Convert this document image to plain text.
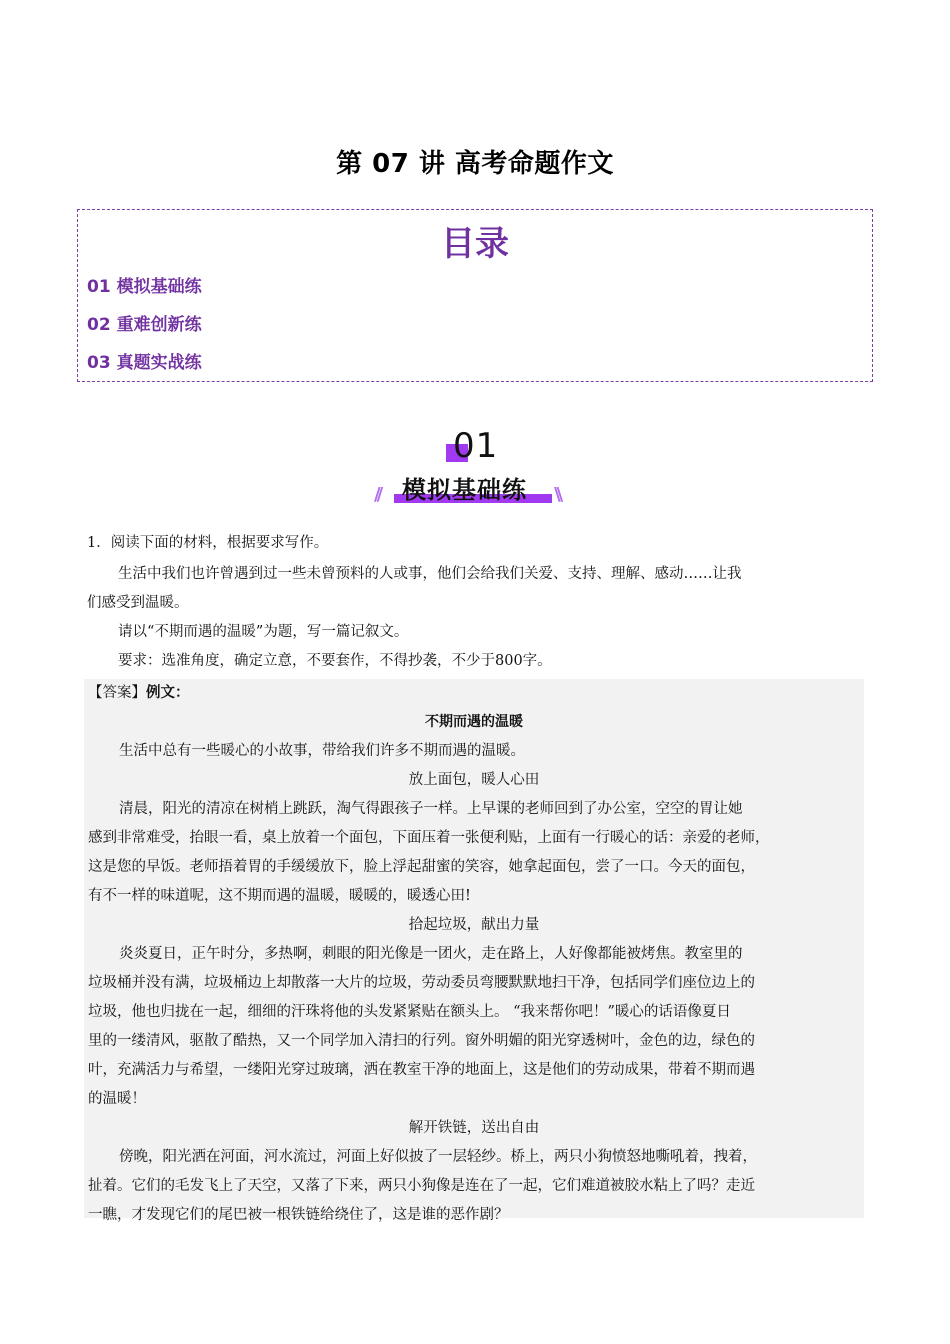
第 07 讲 高考命题作文
目录
01 模拟基础练
02 重难创新练
03 真题实战练
01
// 模拟基础练 //
1．阅读下面的材料，根据要求写作。
生活中我们也许曾遇到过一些未曾预料的人或事，他们会给我们关爱、支持、理解、感动……让我
们感受到温暖。
请以“不期而遇的温暖”为题，写一篇记叙文。
要求：选准角度，确定立意，不要套作，不得抄袭，不少于800字。
【答案】例文：
不期而遇的温暖
生活中总有一些暖心的小故事，带给我们许多不期而遇的温暖。
放上面包，暖人心田
清晨，阳光的清凉在树梢上跳跃，淘气得跟孩子一样。上早课的老师回到了办公室，空空的胃让她
感到非常难受，抬眼一看，桌上放着一个面包，下面压着一张便利贴，上面有一行暖心的话：亲爱的老师，
这是您的早饭。老师捂着胃的手缓缓放下，脸上浮起甜蜜的笑容，她拿起面包，尝了一口。今天的面包，
有不一样的味道呢，这不期而遇的温暖，暖暖的，暖透心田!
拾起垃圾，献出力量
炎炎夏日，正午时分，多热啊，刺眼的阳光像是一团火，走在路上，人好像都能被烤焦。教室里的
垃圾桶并没有满，垃圾桶边上却散落一大片的垃圾，劳动委员弯腰默默地扫干净，包括同学们座位边上的
垃圾，他也归拢在一起，细细的汗珠将他的头发紧紧贴在额头上。 “我来帮你吧！”暖心的话语像夏日
里的一缕清风，驱散了酷热，又一个同学加入清扫的行列。窗外明媚的阳光穿透树叶，金色的边，绿色的
叶，充满活力与希望，一缕阳光穿过玻璃，洒在教室干净的地面上，这是他们的劳动成果，带着不期而遇
的温暖！
解开铁链，送出自由
傍晚，阳光洒在河面，河水流过，河面上好似披了一层轻纱。桥上，两只小狗愤怒地嘶吼着，拽着，
扯着。它们的毛发飞上了天空，又落了下来，两只小狗像是连在了一起，它们难道被胶水粘上了吗？走近
一瞧，才发现它们的尾巴被一根铁链给绕住了，这是谁的恶作剧？
